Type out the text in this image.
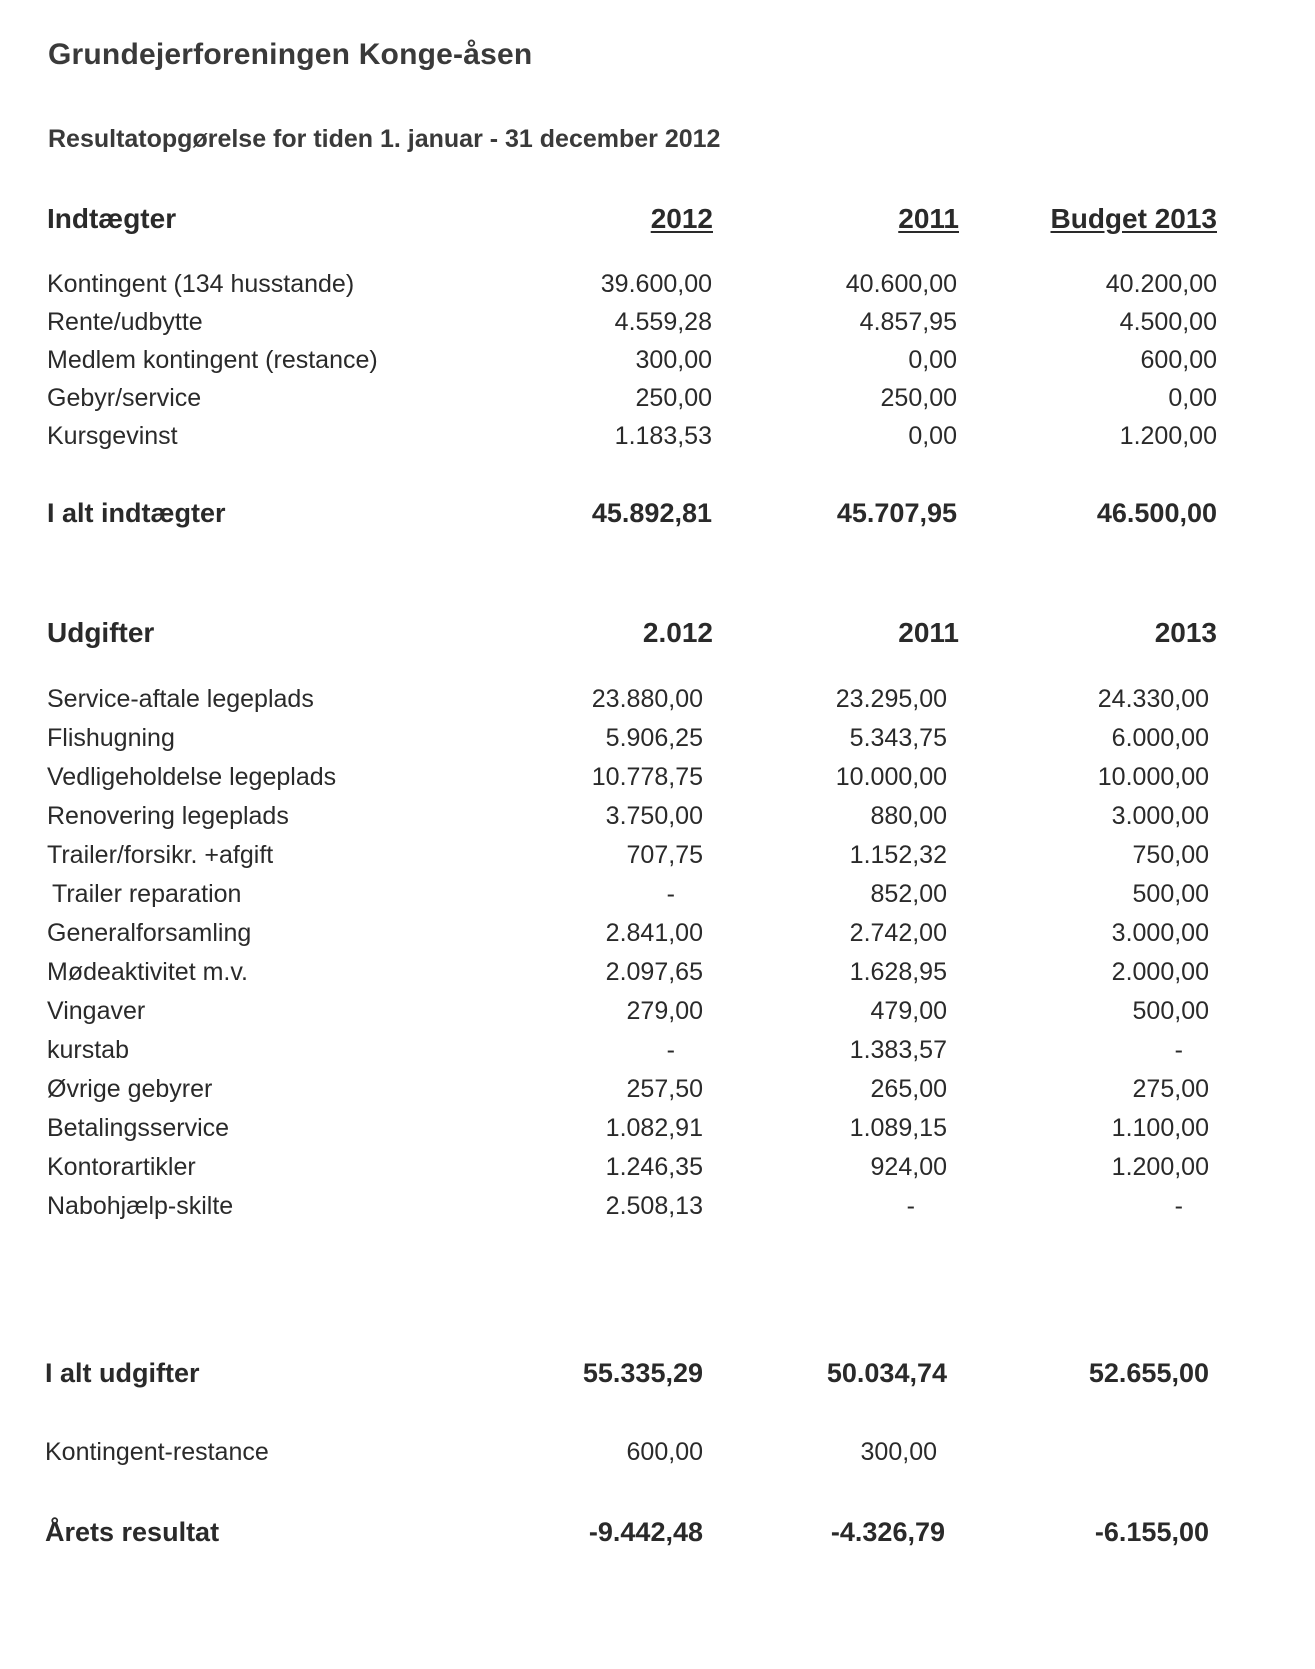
Grundejerforeningen Konge-åsen
Resultatopgørelse for tiden 1. januar - 31 december 2012
Indtægter	2012	2011	Budget 2013
Kontingent (134 husstande)	39.600,00	40.600,00	40.200,00
Rente/udbytte	4.559,28	4.857,95	4.500,00
Medlem kontingent (restance)	300,00	0,00	600,00
Gebyr/service	250,00	250,00	0,00
Kursgevinst	1.183,53	0,00	1.200,00
I alt indtægter	45.892,81	45.707,95	46.500,00
Udgifter	2.012	2011	2013
Service-aftale legeplads	23.880,00	23.295,00	24.330,00
Flishugning	5.906,25	5.343,75	6.000,00
Vedligeholdelse legeplads	10.778,75	10.000,00	10.000,00
Renovering legeplads	3.750,00	880,00	3.000,00
Trailer/forsikr. +afgift	707,75	1.152,32	750,00
Trailer reparation	-	852,00	500,00
Generalforsamling	2.841,00	2.742,00	3.000,00
Mødeaktivitet m.v.	2.097,65	1.628,95	2.000,00
Vingaver	279,00	479,00	500,00
kurstab	-	1.383,57	-
Øvrige gebyrer	257,50	265,00	275,00
Betalingsservice	1.082,91	1.089,15	1.100,00
Kontorartikler	1.246,35	924,00	1.200,00
Nabohjælp-skilte	2.508,13	-	-
I alt udgifter	55.335,29	50.034,74	52.655,00
Kontingent-restance	600,00	300,00
Årets resultat	-9.442,48	-4.326,79	-6.155,00
